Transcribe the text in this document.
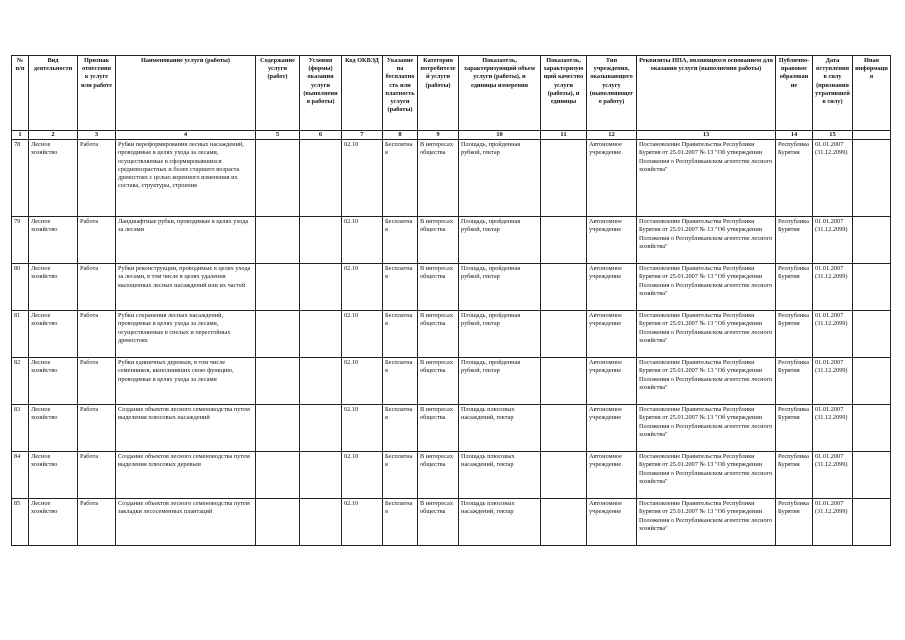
№ п/п	Вид деятельности	Признак отнесения к услуге или работе	Наименование услуги (работы)	Содержание услуги (работ)	Условия (формы) оказания услуги (выполнения работы)	Код ОКВЭД	Указание на бесплатность или платность услуги (работы)	Категория потребителей услуги (работы)	Показатель, характеризующий объем услуги (работы), и единицы измерения	Показатель, характеризующий качество услуги (работы), и единицы	Тип учреждения, оказывающего услугу (выполняющего работу)	Реквизиты НПА, являющихся основанием для оказания услуги (выполнения работы)	Публично-правовое образование	Дата вступления в силу (признания утратившей в силу)	Иная информация
1	2	3	4	5	6	7	8	9	10	11	12	13	14	15	
78	Лесное хозяйство	Работа	Рубки переформирования лесных насаждений, проводимые в целях ухода за лесами, осуществляемые в сформировавшихся средневозрастных и более старшего возраста древостоях с целью коренного изменения их состава, структуры, строения			02.10	Бесплатная	В интересах общества	Площадь, пройденная рубкой, гектар		Автономное учреждение	Постановление Правительства Республики Бурятия от 25.01.2007 № 13 "Об утверждении Положения о Республиканском агентстве лесного хозяйства"	Республика Бурятия	01.01.2007 (31.12.2099)	
79	Лесное хозяйство	Работа	Ландшафтные рубки, проводимые в целях ухода за лесами			02.10	Бесплатная	В интересах общества	Площадь, пройденная рубкой, гектар		Автономное учреждение	Постановление Правительства Республики Бурятия от 25.01.2007 № 13 "Об утверждении Положения о Республиканском агентстве лесного хозяйства"	Республика Бурятия	01.01.2007 (31.12.2099)	
80	Лесное хозяйство	Работа	Рубки реконструкции, проводимые в целях ухода за лесами, в том числе в целях удаления малоценных лесных насаждений или их частей			02.10	Бесплатная	В интересах общества	Площадь, пройденная рубкой, гектар		Автономное учреждение	Постановление Правительства Республики Бурятия от 25.01.2007 № 13 "Об утверждении Положения о Республиканском агентстве лесного хозяйства"	Республика Бурятия	01.01.2007 (31.12.2099)	
81	Лесное хозяйство	Работа	Рубки сохранения лесных насаждений, проводимые в целях ухода за лесами, осуществляемые в спелых и перестойных древостоях			02.10	Бесплатная	В интересах общества	Площадь, пройденная рубкой, гектар		Автономное учреждение	Постановление Правительства Республики Бурятия от 25.01.2007 № 13 "Об утверждении Положения о Республиканском агентстве лесного хозяйства"	Республика Бурятия	01.01.2007 (31.12.2099)	
82	Лесное хозяйство	Работа	Рубки единичных деревьев, в том числе семенников, выполнивших свою функцию, проводимые в целях ухода за лесами			02.10	Бесплатная	В интересах общества	Площадь, пройденная рубкой, гектар		Автономное учреждение	Постановление Правительства Республики Бурятия от 25.01.2007 № 13 "Об утверждении Положения о Республиканском агентстве лесного хозяйства"	Республика Бурятия	01.01.2007 (31.12.2099)	
83	Лесное хозяйство	Работа	Создание объектов лесного семеноводства путем выделения плюсовых насаждений			02.10	Бесплатная	В интересах общества	Площадь плюсовых насаждений, гектар		Автономное учреждение	Постановление Правительства Республики Бурятия от 25.01.2007 № 13 "Об утверждении Положения о Республиканском агентстве лесного хозяйства"	Республика Бурятия	01.01.2007 (31.12.2099)	
84	Лесное хозяйство	Работа	Создание объектов лесного семеноводства путем выделения плюсовых деревьев			02.10	Бесплатная	В интересах общества	Площадь плюсовых насаждений, гектар		Автономное учреждение	Постановление Правительства Республики Бурятия от 25.01.2007 № 13 "Об утверждении Положения о Республиканском агентстве лесного хозяйства"	Республика Бурятия	01.01.2007 (31.12.2099)	
85	Лесное хозяйство	Работа	Создание объектов лесного семеноводства путем закладки лесосеменных плантаций			02.10	Бесплатная	В интересах общества	Площадь плюсовых насаждений, гектар		Автономное учреждение	Постановление Правительства Республики Бурятия от 25.01.2007 № 13 "Об утверждении Положения о Республиканском агентстве лесного хозяйства"	Республика Бурятия	01.01.2007 (31.12.2099)	
